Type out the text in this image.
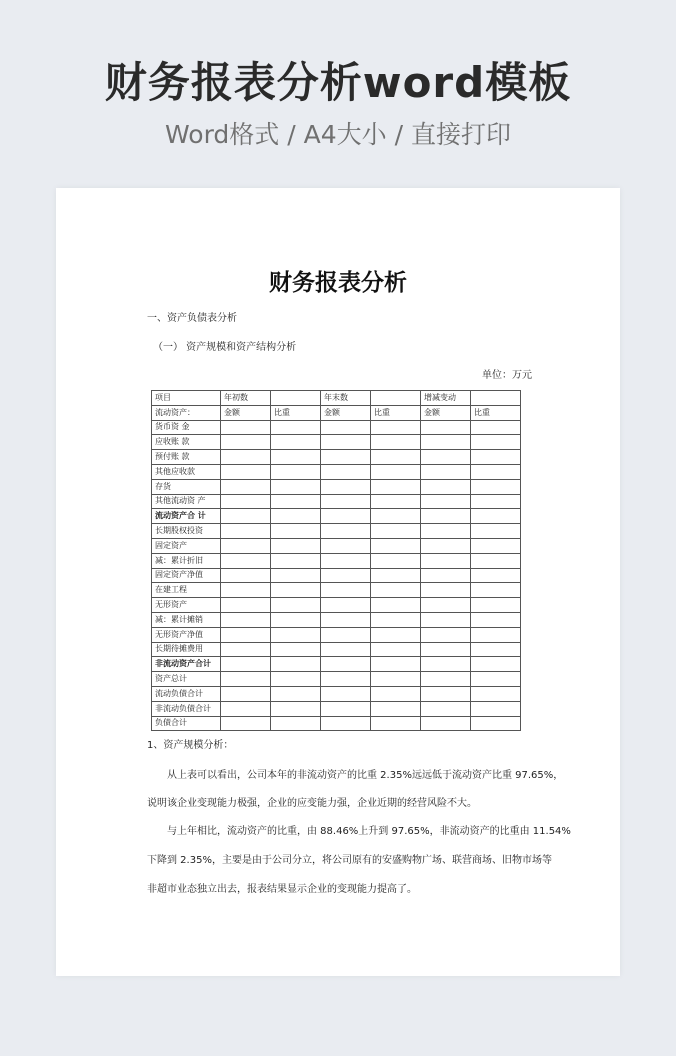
财务报表分析word模板
Word格式 / A4大小 / 直接打印
财务报表分析
一、资产负债表分析
（一） 资产规模和资产结构分析
单位：万元
项目	年初数		年末数		增减变动	
流动资产：	金额	比重	金额	比重	金额	比重
货币资 金						
应收账 款						
预付账 款						
其他应收款						
存货						
其他流动资 产						
流动资产合 计						
长期股权投资						
固定资产						
减：累计折旧						
固定资产净值						
在建工程						
无形资产						
减：累计摊销						
无形资产净值						
长期待摊费用						
非流动资产合计						
资产总计						
流动负债合计						
非流动负债合计						
负债合计						
1、资产规模分析：
从上表可以看出，公司本年的非流动资产的比重 2.35%远远低于流动资产比重 97.65%，
说明该企业变现能力极强，企业的应变能力强，企业近期的经营风险不大。
与上年相比，流动资产的比重，由 88.46%上升到 97.65%，非流动资产的比重由 11.54%
下降到 2.35%，主要是由于公司分立，将公司原有的安盛购物广场、联营商场、旧物市场等
非超市业态独立出去，报表结果显示企业的变现能力提高了。
